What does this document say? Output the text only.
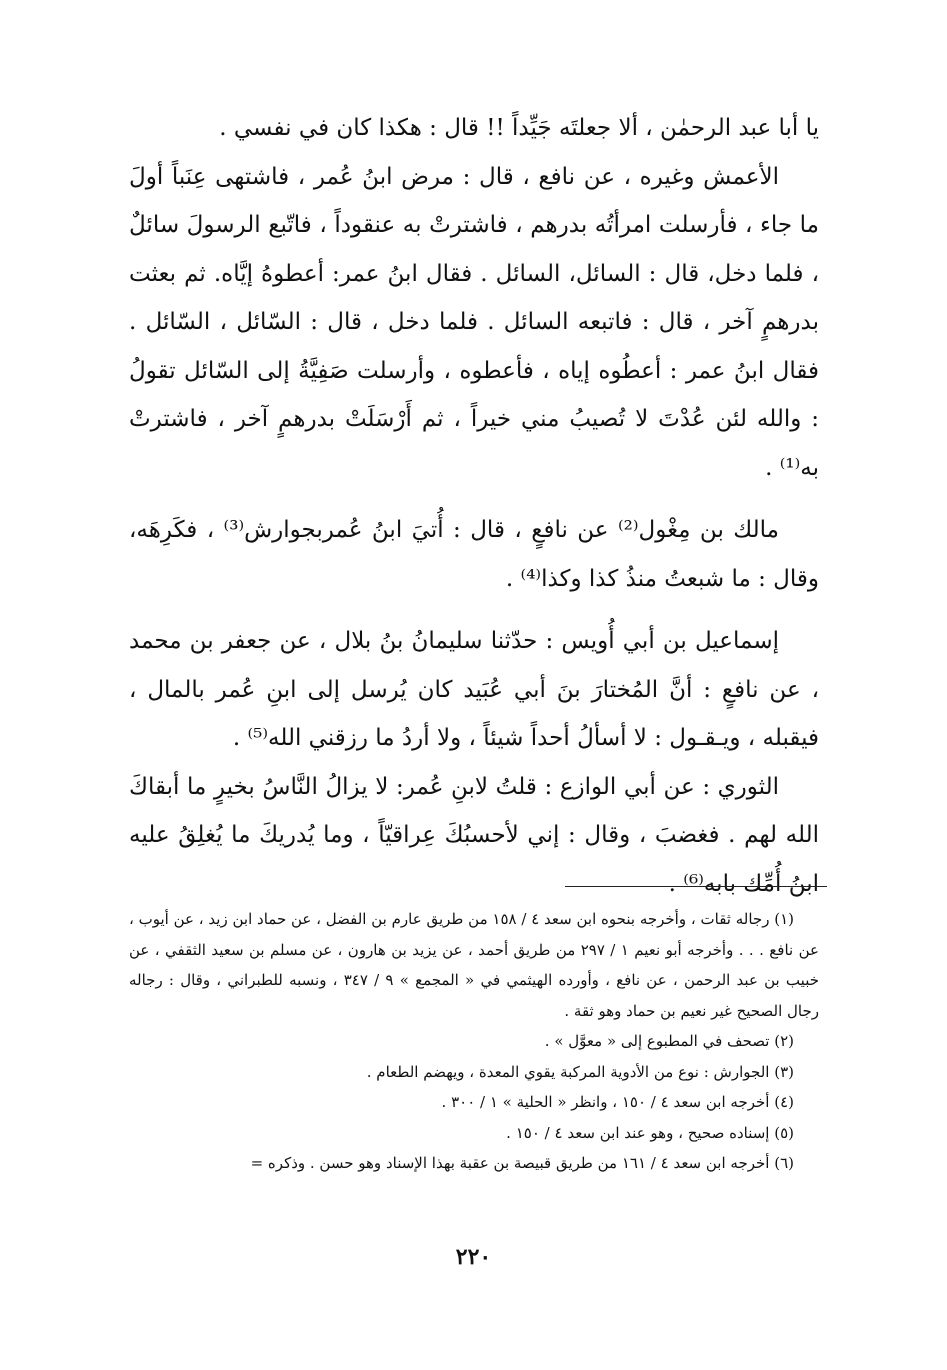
يا أبا عبد الرحمٰن ، ألا جعلتَه جَيِّداً !! قال : هكذا كان في نفسي .

الأعمش وغيره ، عن نافع ، قال : مرض ابنُ عُمر ، فاشتهى عِنَباً أولَ ما جاء ، فأرسلت امرأتُه بدرهم ، فاشترتْ به عنقوداً ، فاتّبع الرسولَ سائلٌ ، فلما دخل، قال : السائل، السائل . فقال ابنُ عمر: أعطوهُ إيَّاه. ثم بعثت بدرهمٍ آخر ، قال : فاتبعه السائل . فلما دخل ، قال : السّائل ، السّائل . فقال ابنُ عمر : أعطُوه إياه ، فأعطوه ، وأرسلت صَفِيَّةُ إلى السّائل تقولُ : والله لئن عُدْتَ لا تُصيبُ مني خيراً ، ثم أَرْسَلَتْ بدرهمٍ آخر ، فاشترتْ به⁽¹⁾ .

مالك بن مِغْول⁽²⁾ عن نافعٍ ، قال : أُتيَ ابنُ عُمربجوارش⁽³⁾ ، فكَرِهَه، وقال : ما شبعتُ منذُ كذا وكذا⁽⁴⁾ .

إسماعيل بن أبي أُويس : حدّثنا سليمانُ بنُ بلال ، عن جعفر بن محمد ، عن نافعٍ : أنَّ المُختارَ بنَ أبي عُبَيد كان يُرسل إلى ابنِ عُمر بالمال ، فيقبله ، ويـقـول : لا أسألُ أحداً شيئاً ، ولا أردُ ما رزقني الله⁽⁵⁾ .

الثوري : عن أبي الوازع : قلتُ لابنِ عُمر: لا يزالُ النَّاسُ بخيرٍ ما أبقاكَ الله لهم . فغضبَ ، وقال : إني لأحسبُكَ عِراقيّاً ، وما يُدريكَ ما يُغلِقُ عليه ابنُ أُمِّك بابه⁽⁶⁾ .

(١) رجاله ثقات ، وأخرجه بنحوه ابن سعد ٤ / ١٥٨ من طريق عارم بن الفضل ، عن حماد ابن زيد ، عن أيوب ، عن نافع . . . وأخرجه أبو نعيم ١ / ٢٩٧ من طريق أحمد ، عن يزيد بن هارون ، عن مسلم بن سعيد الثقفي ، عن خبيب بن عبد الرحمن ، عن نافع ، وأورده الهيثمي في « المجمع » ٩ / ٣٤٧ ، ونسبه للطبراني ، وقال : رجاله رجال الصحيح غير نعيم بن حماد وهو ثقة .

(٢) تصحف في المطبوع إلى « معوَّل » .

(٣) الجوارش : نوع من الأدوية المركبة يقوي المعدة ، ويهضم الطعام .

(٤) أخرجه ابن سعد ٤ / ١٥٠ ، وانظر « الحلية » ١ / ٣٠٠ .

(٥) إسناده صحيح ، وهو عند ابن سعد ٤ / ١٥٠ .

(٦) أخرجه ابن سعد ٤ / ١٦١ من طريق قبيصة بن عقبة بهذا الإسناد وهو حسن . وذكره =

٢٢٠
